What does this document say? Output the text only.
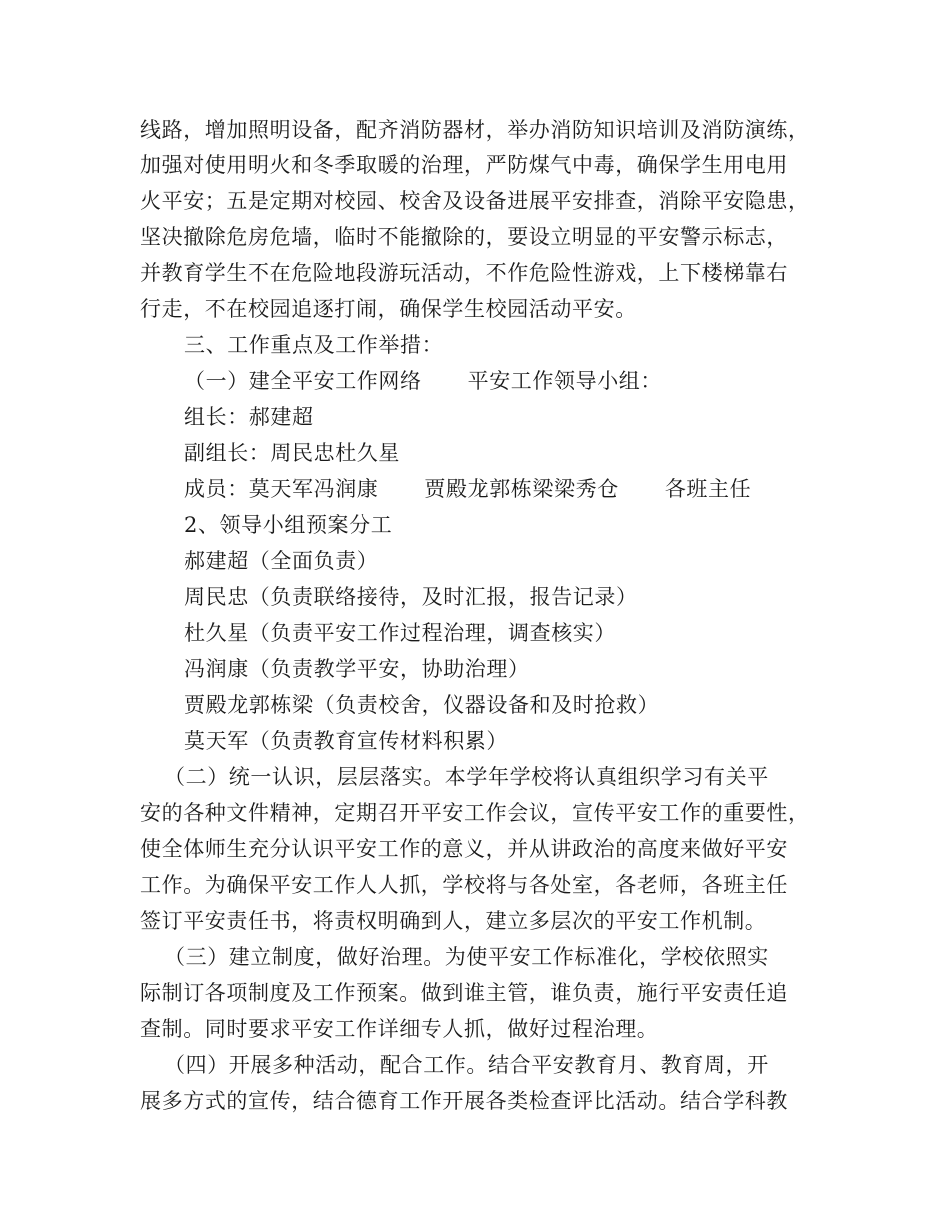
线路，增加照明设备，配齐消防器材，举办消防知识培训及消防演练，
加强对使用明火和冬季取暖的治理，严防煤气中毒，确保学生用电用
火平安；五是定期对校园、校舍及设备进展平安排查，消除平安隐患，
坚决撤除危房危墙，临时不能撤除的，要设立明显的平安警示标志，
并教育学生不在危险地段游玩活动，不作危险性游戏，上下楼梯靠右
行走，不在校园追逐打闹，确保学生校园活动平安。
三、工作重点及工作举措：
（一）建全平安工作网络 平安工作领导小组：
组长：郝建超
副组长：周民忠杜久星
成员：莫天军冯润康 贾殿龙郭栋梁梁秀仓 各班主任
2、领导小组预案分工
郝建超（全面负责）
周民忠（负责联络接待，及时汇报，报告记录）
杜久星（负责平安工作过程治理，调查核实）
冯润康（负责教学平安，协助治理）
贾殿龙郭栋梁（负责校舍，仪器设备和及时抢救）
莫天军（负责教育宣传材料积累）
（二）统一认识，层层落实。本学年学校将认真组织学习有关平
安的各种文件精神，定期召开平安工作会议，宣传平安工作的重要性，
使全体师生充分认识平安工作的意义，并从讲政治的高度来做好平安
工作。为确保平安工作人人抓，学校将与各处室，各老师，各班主任
签订平安责任书，将责权明确到人，建立多层次的平安工作机制。
（三）建立制度，做好治理。为使平安工作标准化，学校依照实
际制订各项制度及工作预案。做到谁主管，谁负责，施行平安责任追
查制。同时要求平安工作详细专人抓，做好过程治理。
（四）开展多种活动，配合工作。结合平安教育月、教育周，开
展多方式的宣传，结合德育工作开展各类检查评比活动。结合学科教
